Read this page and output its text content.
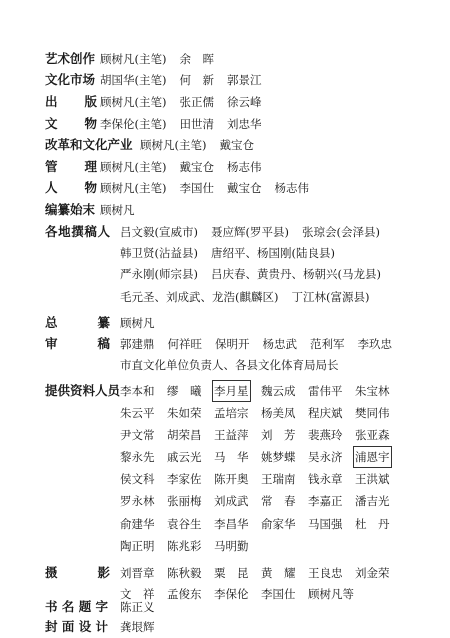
艺术创作 顾树凡(主笔) 余　晖
文化市场 胡国华(主笔) 何　新 郭景江
出 版 顾树凡(主笔) 张正儒 徐云峰
文 物 李保伦(主笔) 田世清 刘忠华
改革和文化产业 顾树凡(主笔) 戴宝仓
管 理 顾树凡(主笔) 戴宝仓 杨志伟
人 物 顾树凡(主笔) 李国仕 戴宝仓 杨志伟
编纂始末 顾树凡
各 地 撰 稿 人 吕文毅(宣威市) 聂应辉(罗平县) 张琼会(会泽县)
韩卫贤(沾益县) 唐绍平、杨国刚(陆良县)
严永刚(师宗县) 吕庆春、黄贵丹、杨朝兴(马龙县)
毛元圣、刘成武、龙浩(麒麟区) 丁江林(富源县)
总	纂 顾树凡
审	稿 郭建鼎 何祥旺 保明开 杨忠武 范利军 李玖忠
市直文化单位负责人、各县文化体育局局长
提供资料人员 李本和 缪　曦 李月星 魏云成 雷伟平 朱宝林
朱云平 朱如荣 孟培宗 杨美凤 程庆斌 樊同伟
尹文常 胡荣昌 王益萍 刘　芳 裴燕玲 张亚森
黎永先 戚云光 马　华 姚梦蝶 吴永济 浦恩宇
侯文科 李家佐 陈开奥 王瑞南 钱永章 王洪斌
罗永林 张丽梅 刘成武 常　春 李嘉正 潘吉光
俞建华 袁谷生 李昌华 俞家华 马国强 杜　丹
陶正明 陈兆彩 马明勤
摄	影 刘晋章 陈秋毅 粟　昆 黄　耀 王良忠 刘金荣
文　祥 孟俊东 李保伦 李国仕 顾树凡等
书 名 题 字 陈正义
封 面 设 计 龚垠辉
